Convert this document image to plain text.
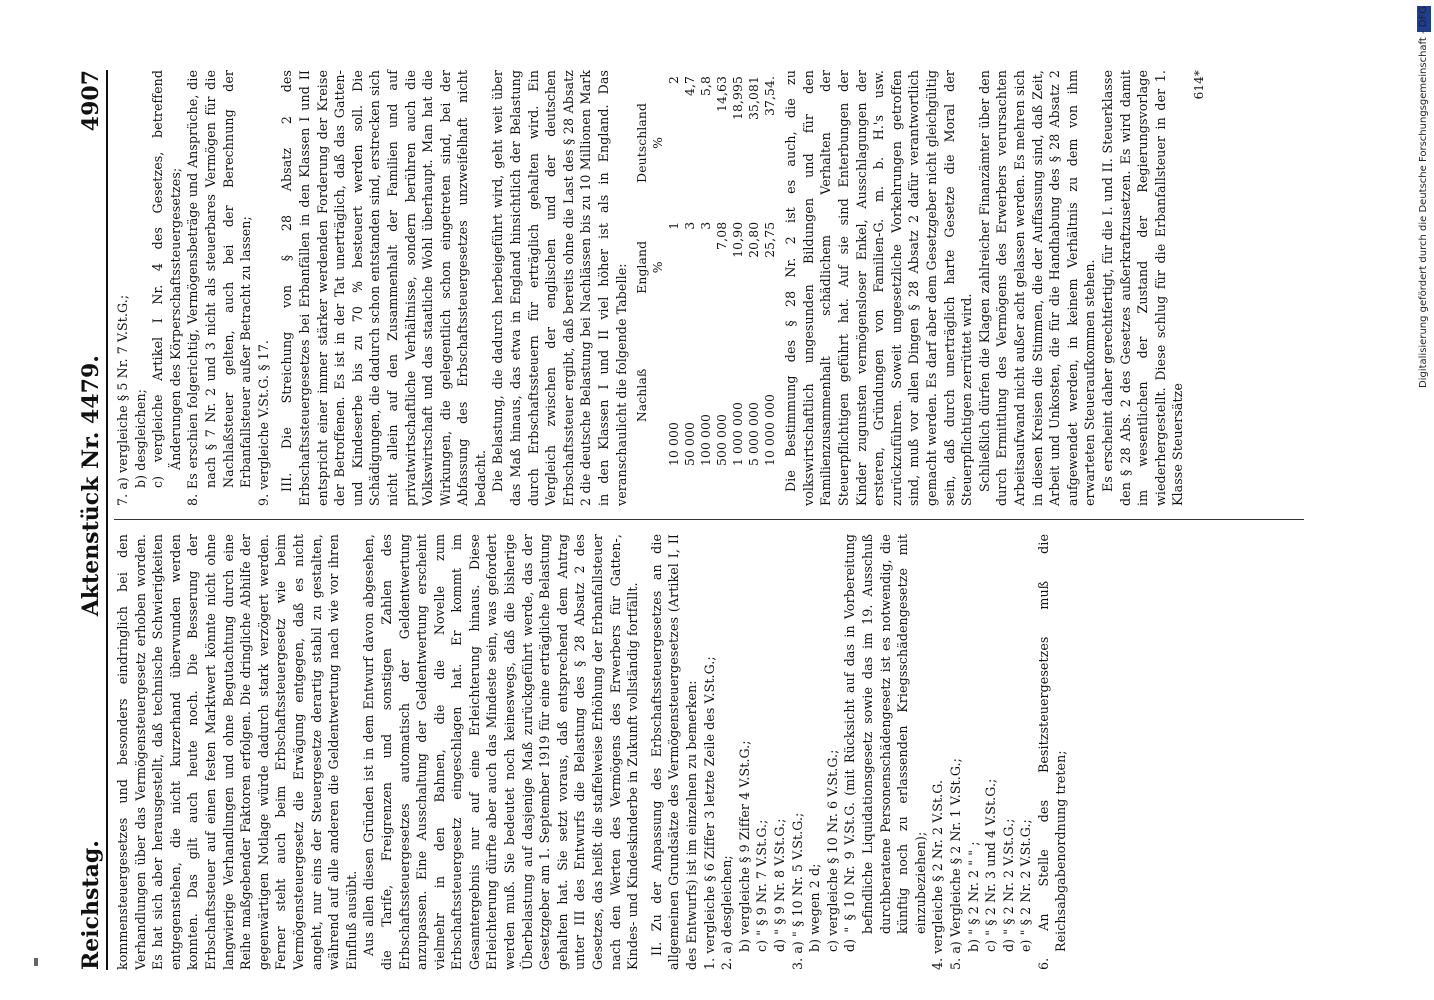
Reichstag.
Aktenstück Nr. 4479.
4907

kommensteuergesetzes und besonders eindringlich bei den Verhandlungen über das Vermögensteuergesetz erhoben worden. Es hat sich aber herausgestellt, daß technische Schwierigkeiten entgegenstehen, die nicht kurzerhand überwunden werden konnten. Das gilt auch heute noch. Die Besserung der Erbschaftssteuer auf einen festen Marktwert könnte nicht ohne langwierige Verhandlungen und ohne Begutachtung durch eine Reihe maßgebender Faktoren erfolgen. Die dringliche Abhilfe der gegenwärtigen Notlage würde dadurch stark verzögert werden. Ferner steht auch beim Erbschaftssteuergesetz wie beim Vermögensteuergesetz die Erwägung entgegen, daß es nicht angeht, nur eins der Steuergesetze derartig stabil zu gestalten, während auf alle anderen die Geldentwertung nach wie vor ihren Einfluß ausübt. Aus allen diesen Gründen ist in dem Entwurf davon abgesehen, die Tarife, Freigrenzen und sonstigen Zahlen des Erbschaftssteuergesetzes automatisch der Geldentwertung anzupassen. Eine Ausschaltung der Geldentwertung erscheint vielmehr in den Bahnen, die die Novelle zum Erbschaftssteuergesetz eingeschlagen hat. Er kommt im Gesamtergebnis nur auf eine Erleichterung hinaus. Diese Erleichterung dürfte aber auch das Mindeste sein, was gefordert werden muß. Sie bedeutet noch keineswegs, daß die bisherige Überbelastung auf dasjenige Maß zurückgeführt werde, das der Gesetzgeber am 1. September 1919 für eine erträgliche Belastung gehalten hat. Sie setzt voraus, daß entsprechend dem Antrag unter III des Entwurfs die Belastung des § 28 Absatz 2 des Gesetzes, das heißt die staffelweise Erhöhung der Erbanfallsteuer nach den Werten des Vermögens des Erwerbers für Gatten-, Kindes- und Kindeskinderbe in Zukunft vollständig fortfällt. II. Zu der Anpassung des Erbschaftssteuergesetzes an die allgemeinen Grundsätze des Vermögensteuergesetzes (Artikel I, II des Entwurfs) ist im einzelnen zu bemerken: 1. vergleiche § 6 Ziffer 3 letzte Zeile des V.St.G.; 2. a) desgleichen; b) vergleiche § 9 Ziffer 4 V.St.G.; c) " § 9 Nr. 7 V.St.G.; d) " § 9 Nr. 8 V.St.G.; 3. a) " § 10 Nr. 5 V.St.G.; b) wegen 2 d; c) vergleiche § 10 Nr. 6 V.St.G.; d) " § 10 Nr. 9 V.St.G. (mit Rücksicht auf das in Vorbereitung befindliche Liquidationsgesetz sowie das im 19. Ausschuß durchberatene Personenschädengesetz ist es notwendig, die künftig noch zu erlassenden Kriegsschädengesetze mit einzubeziehen); 4. vergleiche § 2 Nr. 2 V.St.G. 5. a) Vergleiche § 2 Nr. 1 V.St.G.; b) " § 2 Nr. 2 " " ; c) " § 2 Nr. 3 und 4 V.St.G.; d) " § 2 Nr. 2 V.St.G.; e) " § 2 Nr. 2 V.St.G.; 6. An Stelle des Besitzsteuergesetzes muß die Reichsabgabenordnung treten;
7. a) vergleiche § 5 Nr. 7 V.St.G.; b) desgleichen; c) vergleiche Artikel I Nr. 4 des Gesetzes, betreffend Änderungen des Körperschaftssteuergesetzes; 8. Es erschien folgerichtig, Vermögensbeträge und Ansprüche, die nach § 7 Nr. 2 und 3 nicht als steuerbares Vermögen für die Nachlaßsteuer gelten, auch bei der Berechnung der Erbanfallsteuer außer Betracht zu lassen; 9. vergleiche V.St.G. § 17. III. Die Streichung von § 28 Absatz 2 des Erbschaftssteuergesetzes bei Erbanfällen in den Klassen I und II entspricht einer immer stärker werdenden Forderung der Kreise der Betroffenen. Es ist in der Tat unerträglich, daß das Gatten- und Kindeserbe bis zu 70 % besteuert werden soll. Die Schädigungen, die dadurch schon entstanden sind, erstrecken sich nicht allein auf den Zusammenhalt der Familien und auf privatwirtschaftliche Verhältnisse, sondern berühren auch die Volkswirtschaft und das staatliche Wohl überhaupt. Man hat die Wirkungen, die gelegentlich schon eingetreten sind, bei der Abfassung des Erbschaftssteuergesetzes unzweifelhaft nicht bedacht. Die Belastung, die dadurch herbeigeführt wird, geht weit über das Maß hinaus, das etwa in England hinsichtlich der Belastung durch Erbschaftssteuern für erträglich gehalten wird. Ein Vergleich zwischen der englischen und der deutschen Erbschaftssteuer ergibt, daß bereits ohne die Last des § 28 Absatz 2 die deutsche Belastung bei Nachlässen bis zu 10 Millionen Mark in den Klassen I und II viel höher ist als in England. Das veranschaulicht die folgende Tabelle: Nachlaß	England	Deutschland
	%	%
10 000	1	2
50 000	3	4,7
100 000	3	5,8
500 000	7,08	14,63
1 000 000	10,90	18,995
5 000 000	20,80	35,081
10 000 000	25,75	37,54. Die Bestimmung des § 28 Nr. 2 ist es auch, die zu volkswirtschaftlich ungesunden Bildungen und für den Familienzusammenhalt schädlichem Verhalten der Steuerpflichtigen geführt hat. Auf sie sind Enterbungen der Kinder zugunsten vermögensloser Enkel, Ausschlagungen der ersteren, Gründungen von Familien-G. m. b. H.'s usw. zurückzuführen. Soweit ungesetzliche Vorkehrungen getroffen sind, muß vor allen Dingen § 28 Absatz 2 dafür verantwortlich gemacht werden. Es darf aber dem Gesetzgeber nicht gleichgültig sein, daß durch unerträglich harte Gesetze die Moral der Steuerpflichtigen zerrüttet wird. Schließlich dürfen die Klagen zahlreicher Finanzämter über den durch Ermittlung des Vermögens des Erwerbers verursachten Arbeitsaufwand nicht außer acht gelassen werden. Es mehren sich in diesen Kreisen die Stimmen, die der Auffassung sind, daß Zeit, Arbeit und Unkosten, die für die Handhabung des § 28 Absatz 2 aufgewendet werden, in keinem Verhältnis zu dem von ihm erwarteten Steueraufkommen stehen. Es erscheint daher gerechtfertigt, für die I. und II. Steuerklasse den § 28 Abs. 2 des Gesetzes außerkraftzusetzen. Es wird damit im wesentlichen der Zustand der Regierungsvorlage wiederhergestellt. Diese schlug für die Erbanfallsteuer in der 1. Klasse Steuersätze

614*	Digitalisierung gefördert durch die Deutsche Forschungsgemeinschaft - DFG
